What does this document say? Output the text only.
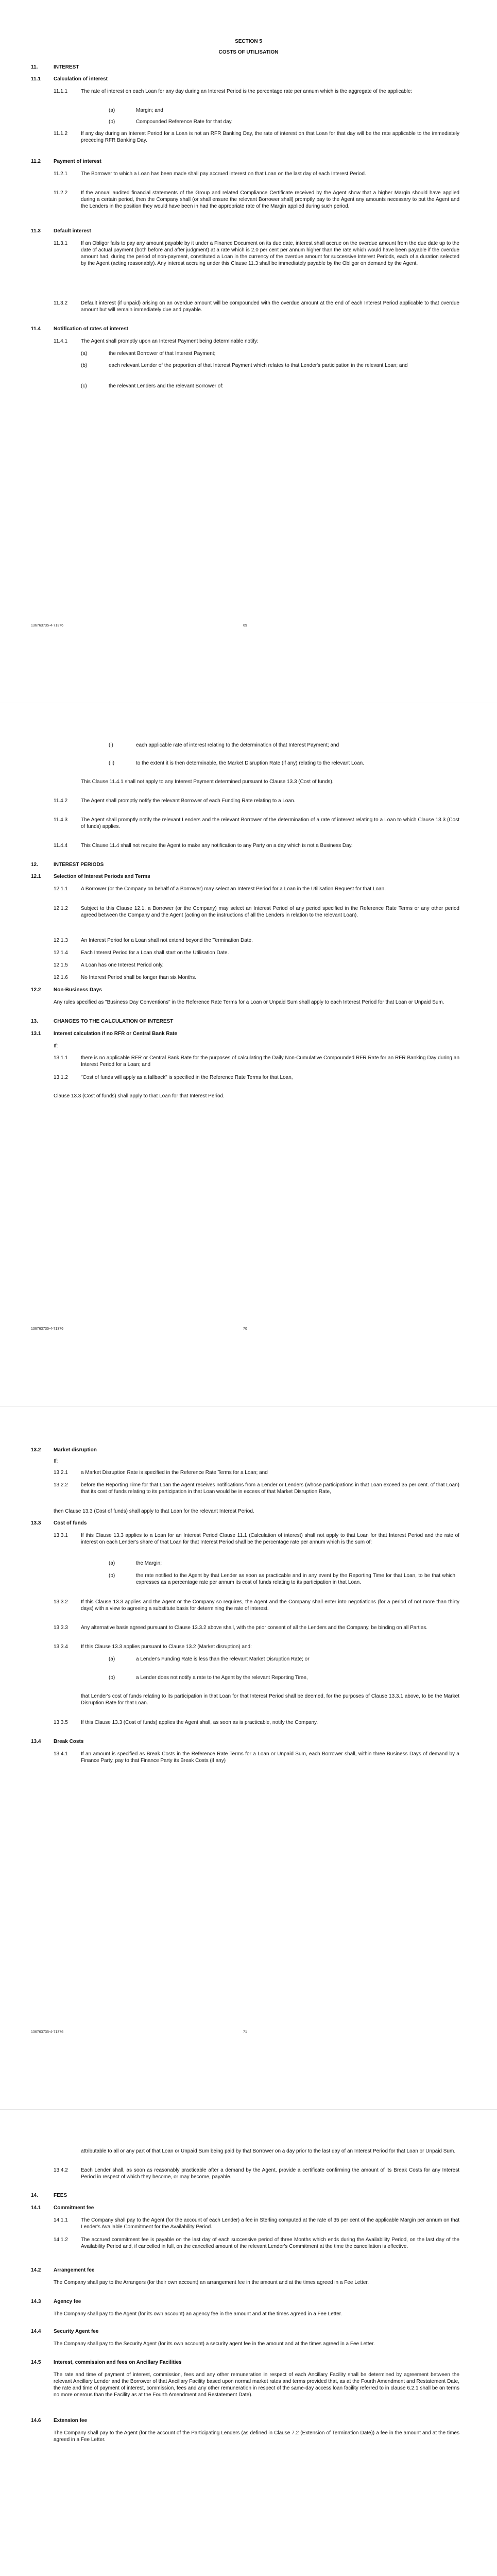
SECTION 5
COSTS OF UTILISATION
11.	INTEREST
11.1	Calculation of interest
11.1.1	The rate of interest on each Loan for any day during an Interest Period is the percentage rate per annum which is the aggregate of the applicable:
(a)	Margin; and
(b)	Compounded Reference Rate for that day.
11.1.2	If any day during an Interest Period for a Loan is not an RFR Banking Day, the rate of interest on that Loan for that day will be the rate applicable to the immediately preceding RFR Banking Day.
11.2	Payment of interest
11.2.1	The Borrower to which a Loan has been made shall pay accrued interest on that Loan on the last day of each Interest Period.
11.2.2	If the annual audited financial statements of the Group and related Compliance Certificate received by the Agent show that a higher Margin should have applied during a certain period, then the Company shall (or shall ensure the relevant Borrower shall) promptly pay to the Agent any amounts necessary to put the Agent and the Lenders in the position they would have been in had the appropriate rate of the Margin applied during such period.
11.3	Default interest
11.3.1	If an Obligor fails to pay any amount payable by it under a Finance Document on its due date, interest shall accrue on the overdue amount from the due date up to the date of actual payment (both before and after judgment) at a rate which is 2.0 per cent per annum higher than the rate which would have been payable if the overdue amount had, during the period of non-payment, constituted a Loan in the currency of the overdue amount for successive Interest Periods, each of a duration selected by the Agent (acting reasonably). Any interest accruing under this Clause 11.3 shall be immediately payable by the Obligor on demand by the Agent.
11.3.2	Default interest (if unpaid) arising on an overdue amount will be compounded with the overdue amount at the end of each Interest Period applicable to that overdue amount but will remain immediately due and payable.
11.4	Notification of rates of interest
11.4.1	The Agent shall promptly upon an Interest Payment being determinable notify:
(a)	the relevant Borrower of that Interest Payment;
(b)	each relevant Lender of the proportion of that Interest Payment which relates to that Lender's participation in the relevant Loan; and
(c)	the relevant Lenders and the relevant Borrower of:
136763735-4-71376	69
(i)	each applicable rate of interest relating to the determination of that Interest Payment; and
(ii)	to the extent it is then determinable, the Market Disruption Rate (if any) relating to the relevant Loan.
This Clause 11.4.1 shall not apply to any Interest Payment determined pursuant to Clause 13.3 (Cost of funds).
11.4.2	The Agent shall promptly notify the relevant Borrower of each Funding Rate relating to a Loan.
11.4.3	The Agent shall promptly notify the relevant Lenders and the relevant Borrower of the determination of a rate of interest relating to a Loan to which Clause 13.3 (Cost of funds) applies.
11.4.4	This Clause 11.4 shall not require the Agent to make any notification to any Party on a day which is not a Business Day.
12.	INTEREST PERIODS
12.1 Selection of Interest Periods and Terms
12.1.1	A Borrower (or the Company on behalf of a Borrower) may select an Interest Period for a Loan in the Utilisation Request for that Loan.
12.1.2	Subject to this Clause 12.1, a Borrower (or the Company) may select an Interest Period of any period specified in the Reference Rate Terms or any other period agreed between the Company and the Agent (acting on the instructions of all the Lenders in relation to the relevant Loan).
12.1.3	An Interest Period for a Loan shall not extend beyond the Termination Date.
12.1.4	Each Interest Period for a Loan shall start on the Utilisation Date.
12.1.5	A Loan has one Interest Period only.
12.1.6	No Interest Period shall be longer than six Months.
12.2 Non-Business Days
Any rules specified as "Business Day Conventions" in the Reference Rate Terms for a Loan or Unpaid Sum shall apply to each Interest Period for that Loan or Unpaid Sum.
13.	CHANGES TO THE CALCULATION OF INTEREST
13.1 Interest calculation if no RFR or Central Bank Rate
If:
13.1.1	there is no applicable RFR or Central Bank Rate for the purposes of calculating the Daily Non-Cumulative Compounded RFR Rate for an RFR Banking Day during an Interest Period for a Loan; and
13.1.2	"Cost of funds will apply as a fallback" is specified in the Reference Rate Terms for that Loan,
Clause 13.3 (Cost of funds) shall apply to that Loan for that Interest Period.
136763735-4-71376	70
13.2 Market disruption
If:
13.2.1	a Market Disruption Rate is specified in the Reference Rate Terms for a Loan; and
13.2.2	before the Reporting Time for that Loan the Agent receives notifications from a Lender or Lenders (whose participations in that Loan exceed 35 per cent. of that Loan) that its cost of funds relating to its participation in that Loan would be in excess of that Market Disruption Rate,
then Clause 13.3 (Cost of funds) shall apply to that Loan for the relevant Interest Period.
13.3 Cost of funds
13.3.1	If this Clause 13.3 applies to a Loan for an Interest Period Clause 11.1 (Calculation of interest) shall not apply to that Loan for that Interest Period and the rate of interest on each Lender's share of that Loan for that Interest Period shall be the percentage rate per annum which is the sum of:
(a)	the Margin;
(b)	the rate notified to the Agent by that Lender as soon as practicable and in any event by the Reporting Time for that Loan, to be that which expresses as a percentage rate per annum its cost of funds relating to its participation in that Loan.
13.3.2	If this Clause 13.3 applies and the Agent or the Company so requires, the Agent and the Company shall enter into negotiations (for a period of not more than thirty days) with a view to agreeing a substitute basis for determining the rate of interest.
13.3.3	Any alternative basis agreed pursuant to Clause 13.3.2 above shall, with the prior consent of all the Lenders and the Company, be binding on all Parties.
13.3.4	If this Clause 13.3 applies pursuant to Clause 13.2 (Market disruption) and:
(a)	a Lender's Funding Rate is less than the relevant Market Disruption Rate; or
(b)	a Lender does not notify a rate to the Agent by the relevant Reporting Time,
that Lender's cost of funds relating to its participation in that Loan for that Interest Period shall be deemed, for the purposes of Clause 13.3.1 above, to be the Market Disruption Rate for that Loan.
13.3.5	If this Clause 13.3 (Cost of funds) applies the Agent shall, as soon as is practicable, notify the Company.
13.4 Break Costs
13.4.1	If an amount is specified as Break Costs in the Reference Rate Terms for a Loan or Unpaid Sum, each Borrower shall, within three Business Days of demand by a Finance Party, pay to that Finance Party its Break Costs (if any)
136763735-4-71376	71
attributable to all or any part of that Loan or Unpaid Sum being paid by that Borrower on a day prior to the last day of an Interest Period for that Loan or Unpaid Sum.
13.4.2	Each Lender shall, as soon as reasonably practicable after a demand by the Agent, provide a certificate confirming the amount of its Break Costs for any Interest Period in respect of which they become, or may become, payable.
14.	FEES
14.1 Commitment fee
14.1.1	The Company shall pay to the Agent (for the account of each Lender) a fee in Sterling computed at the rate of 35 per cent of the applicable Margin per annum on that Lender's Available Commitment for the Availability Period.
14.1.2	The accrued commitment fee is payable on the last day of each successive period of three Months which ends during the Availability Period, on the last day of the Availability Period and, if cancelled in full, on the cancelled amount of the relevant Lender's Commitment at the time the cancellation is effective.
14.2 Arrangement fee
The Company shall pay to the Arrangers (for their own account) an arrangement fee in the amount and at the times agreed in a Fee Letter.
14.3 Agency fee
The Company shall pay to the Agent (for its own account) an agency fee in the amount and at the times agreed in a Fee Letter.
14.4 Security Agent fee
The Company shall pay to the Security Agent (for its own account) a security agent fee in the amount and at the times agreed in a Fee Letter.
14.5 Interest, commission and fees on Ancillary Facilities
The rate and time of payment of interest, commission, fees and any other remuneration in respect of each Ancillary Facility shall be determined by agreement between the relevant Ancillary Lender and the Borrower of that Ancillary Facility based upon normal market rates and terms provided that, as at the Fourth Amendment and Restatement Date, the rate and time of payment of interest, commission, fees and any other remuneration in respect of the same-day access loan facility referred to in clause 6.2.1 shall be on terms no more onerous than the Facility as at the Fourth Amendment and Restatement Date).
14.6 Extension fee
The Company shall pay to the Agent (for the account of the Participating Lenders (as defined in Clause 7.2 (Extension of Termination Date)) a fee in the amount and at the times agreed in a Fee Letter.
